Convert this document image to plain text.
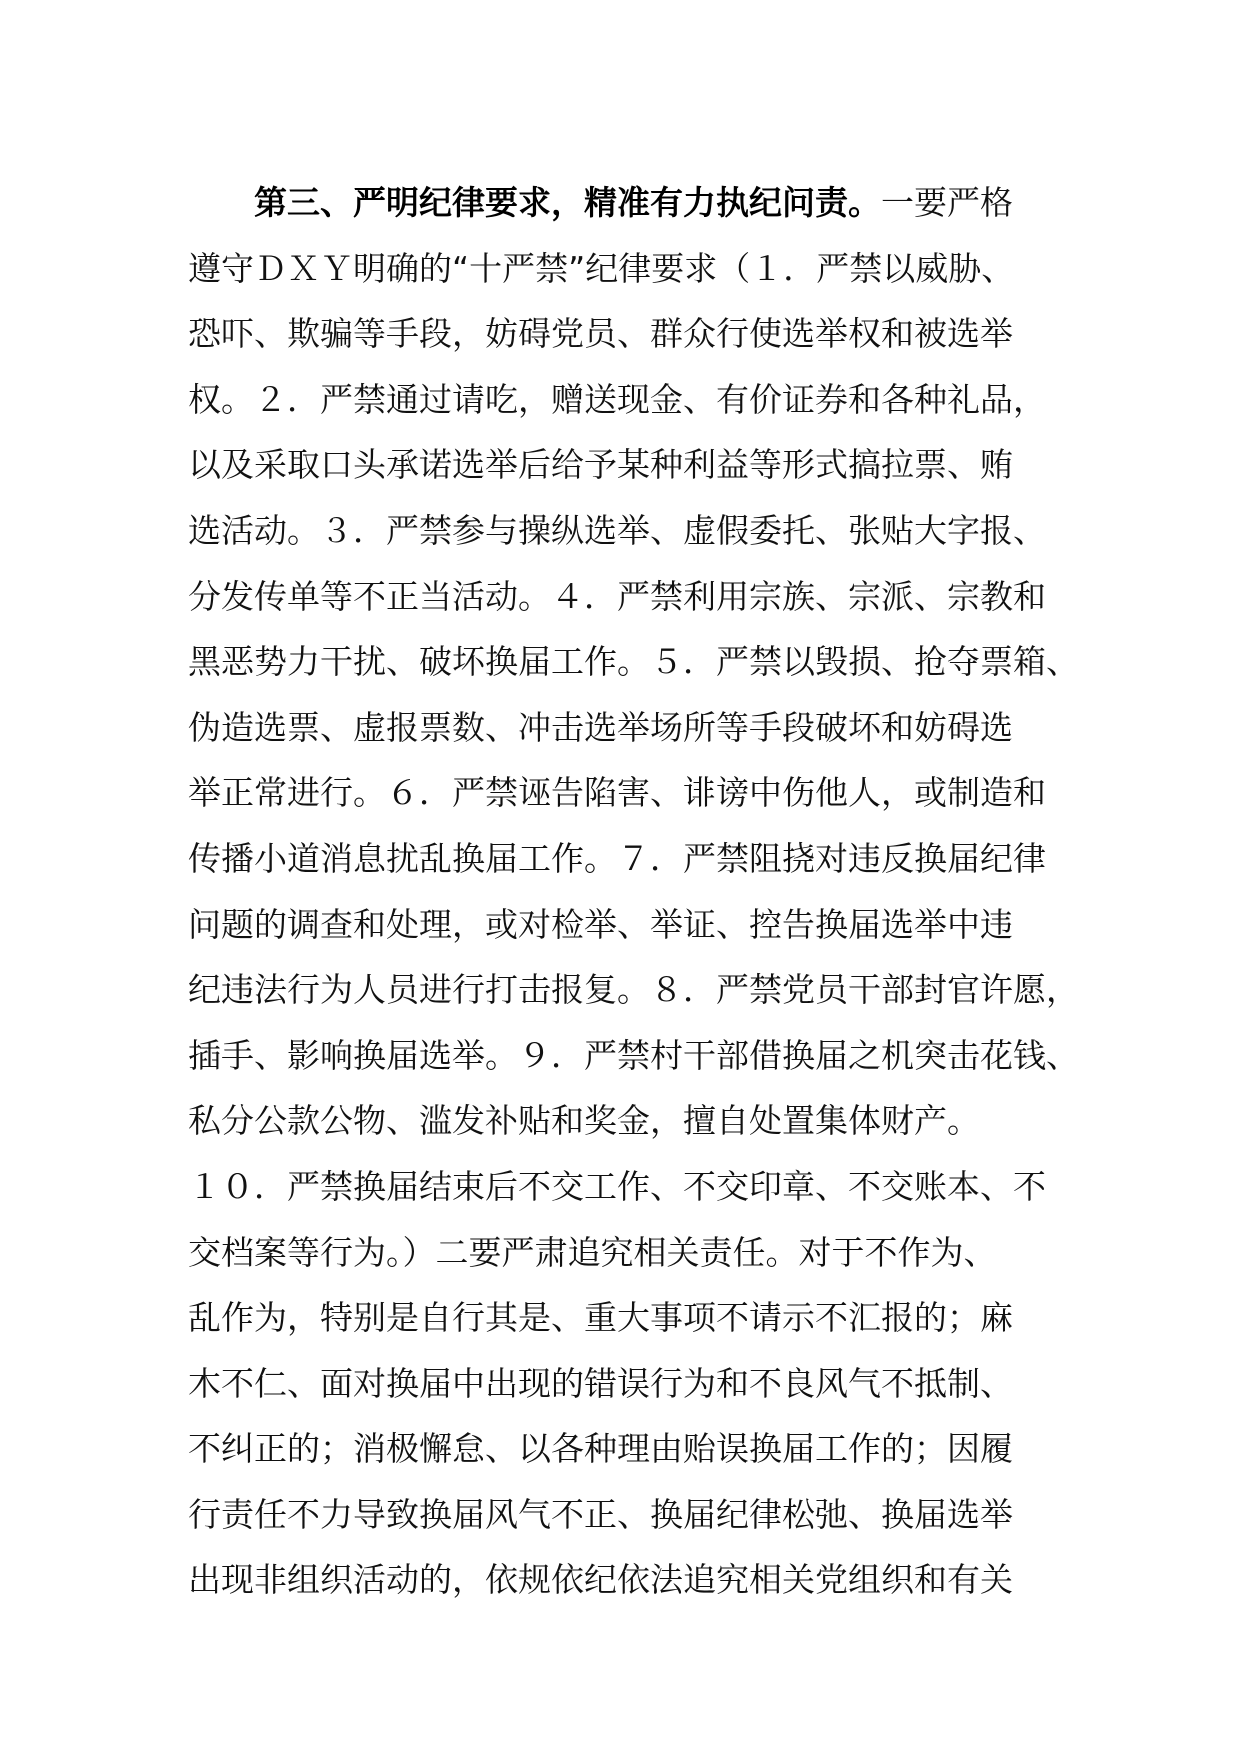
第三、严明纪律要求，精准有力执纪问责。一要严格
遵守ＤＸＹ明确的“十严禁”纪律要求（１．严禁以威胁、
恐吓、欺骗等手段，妨碍党员、群众行使选举权和被选举
权。２．严禁通过请吃，赠送现金、有价证券和各种礼品，
以及采取口头承诺选举后给予某种利益等形式搞拉票、贿
选活动。３．严禁参与操纵选举、虚假委托、张贴大字报、
分发传单等不正当活动。４．严禁利用宗族、宗派、宗教和
黑恶势力干扰、破坏换届工作。５．严禁以毁损、抢夺票箱、
伪造选票、虚报票数、冲击选举场所等手段破坏和妨碍选
举正常进行。６．严禁诬告陷害、诽谤中伤他人，或制造和
传播小道消息扰乱换届工作。７．严禁阻挠对违反换届纪律
问题的调查和处理，或对检举、举证、控告换届选举中违
纪违法行为人员进行打击报复。８．严禁党员干部封官许愿，
插手、影响换届选举。９．严禁村干部借换届之机突击花钱、
私分公款公物、滥发补贴和奖金，擅自处置集体财产。
１０．严禁换届结束后不交工作、不交印章、不交账本、不
交档案等行为。）二要严肃追究相关责任。对于不作为、
乱作为，特别是自行其是、重大事项不请示不汇报的；麻
木不仁、面对换届中出现的错误行为和不良风气不抵制、
不纠正的；消极懈怠、以各种理由贻误换届工作的；因履
行责任不力导致换届风气不正、换届纪律松弛、换届选举
出现非组织活动的，依规依纪依法追究相关党组织和有关
